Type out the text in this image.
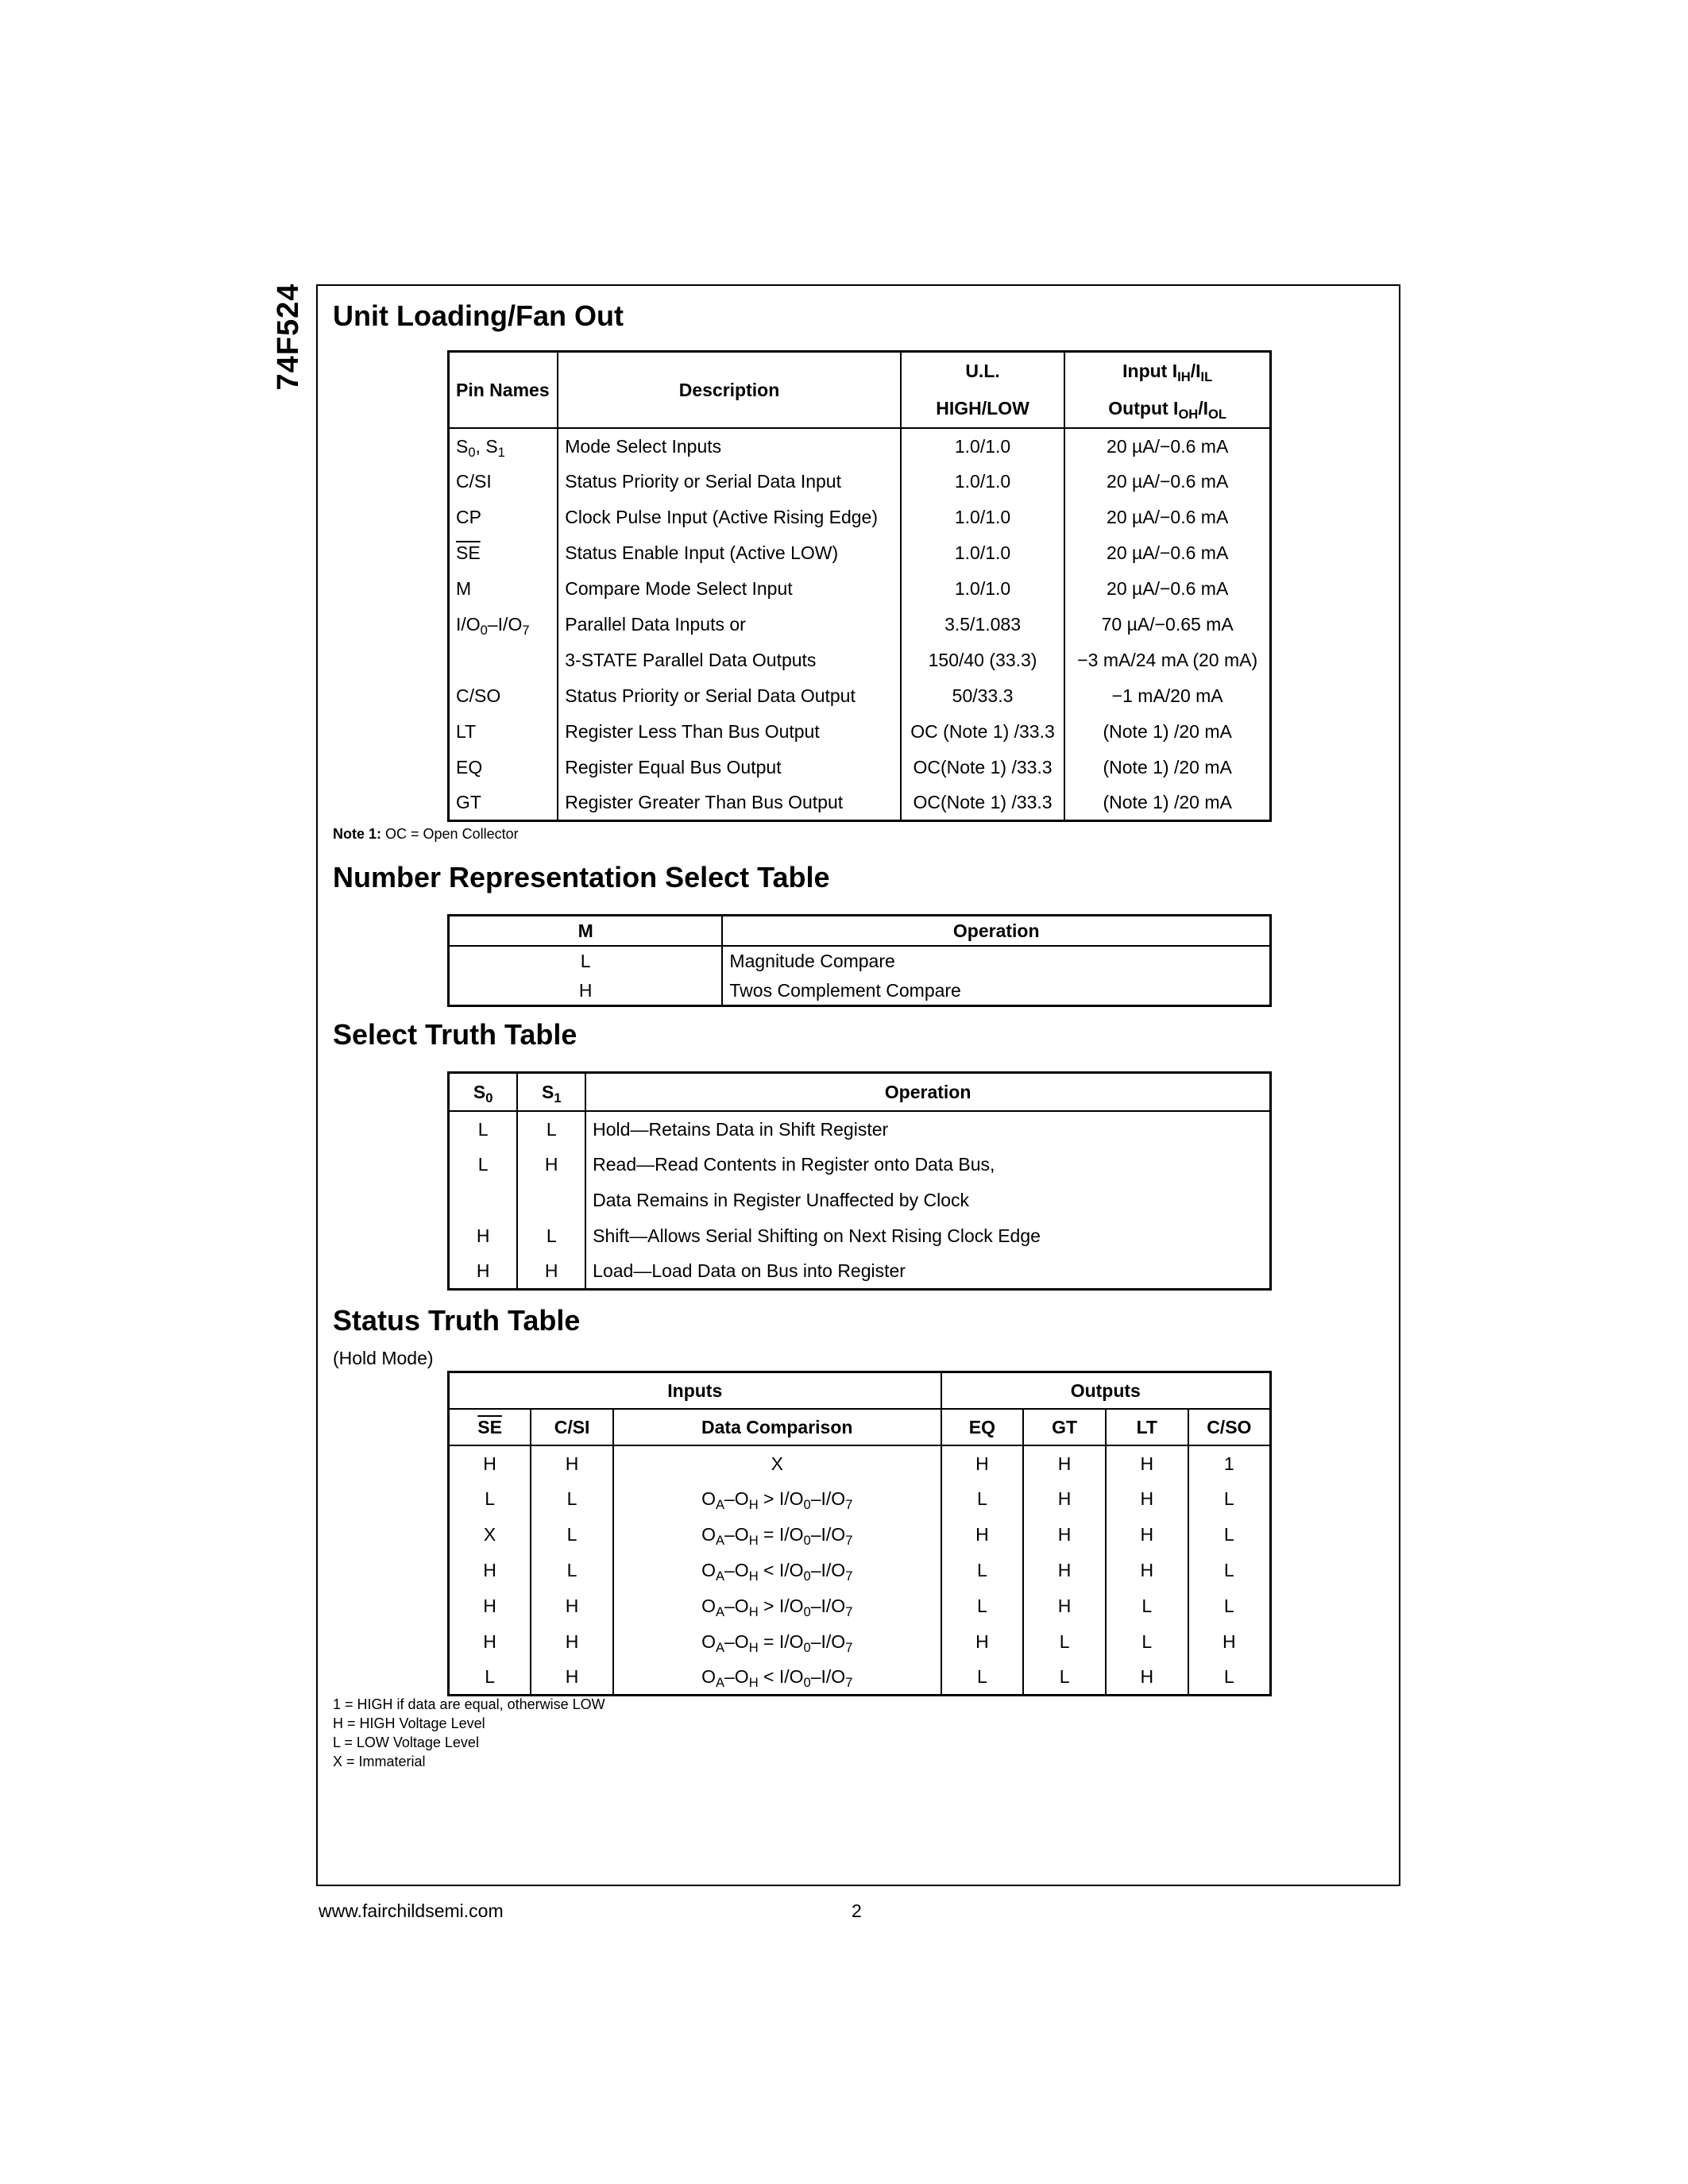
74F524 Unit Loading/Fan Out
Pin Names	Description	U.L.	Input $I_{IH}/I_{IL}$
		HIGH/LOW	Output $I_{OH}/I_{OL}$
$S_0$, $S_1$	Mode Select Inputs	1.0/1.0	20 µA/−0.6 mA
C/SI	Status Priority or Serial Data Input	1.0/1.0	20 µA/−0.6 mA
CP	Clock Pulse Input (Active Rising Edge)	1.0/1.0	20 µA/−0.6 mA
$\overline{SE}$	Status Enable Input (Active LOW)	1.0/1.0	20 µA/−0.6 mA
M	Compare Mode Select Input	1.0/1.0	20 µA/−0.6 mA
$I/O_0-I/O_7$	Parallel Data Inputs or	3.5/1.083	70 µA/−0.65 mA
	3-STATE Parallel Data Outputs	150/40 (33.3)	−3 mA/24 mA (20 mA)
C/SO	Status Priority or Serial Data Output	50/33.3	−1 mA/20 mA
LT	Register Less Than Bus Output	OC (Note 1) /33.3	(Note 1) /20 mA
EQ	Register Equal Bus Output	OC(Note 1) /33.3	(Note 1) /20 mA
GT	Register Greater Than Bus Output	OC(Note 1) /33.3	(Note 1) /20 mA
Note 1: OC = Open Collector
Number Representation Select Table
M	Operation
L	Magnitude Compare
H	Twos Complement Compare
Select Truth Table
$S_0$	$S_1$	Operation
L	L	Hold—Retains Data in Shift Register
L	H	Read—Read Contents in Register onto Data Bus,
		Data Remains in Register Unaffected by Clock
H	L	Shift—Allows Serial Shifting on Next Rising Clock Edge
H	H	Load—Load Data on Bus into Register
Status Truth Table
(Hold Mode)
Inputs			Outputs			
$\overline{SE}$	C/SI	Data Comparison	EQ	GT	LT	C/SO
H	H	X	H	H	H	1
L	L	$O_A-O_H > I/O_0-I/O_7$	L	H	H	L
X	L	$O_A-O_H = I/O_0-I/O_7$	H	H	H	L
H	L	$O_A-O_H < I/O_0-I/O_7$	L	H	H	L
H	H	$O_A-O_H > I/O_0-I/O_7$	L	H	L	L
H	H	$O_A-O_H = I/O_0-I/O_7$	H	L	L	H
L	H	$O_A-O_H < I/O_0-I/O_7$	L	L	H	L
1 = HIGH if data are equal, otherwise LOW
H = HIGH Voltage Level
L = LOW Voltage Level
X = Immaterial
www.fairchildsemi.com	2
